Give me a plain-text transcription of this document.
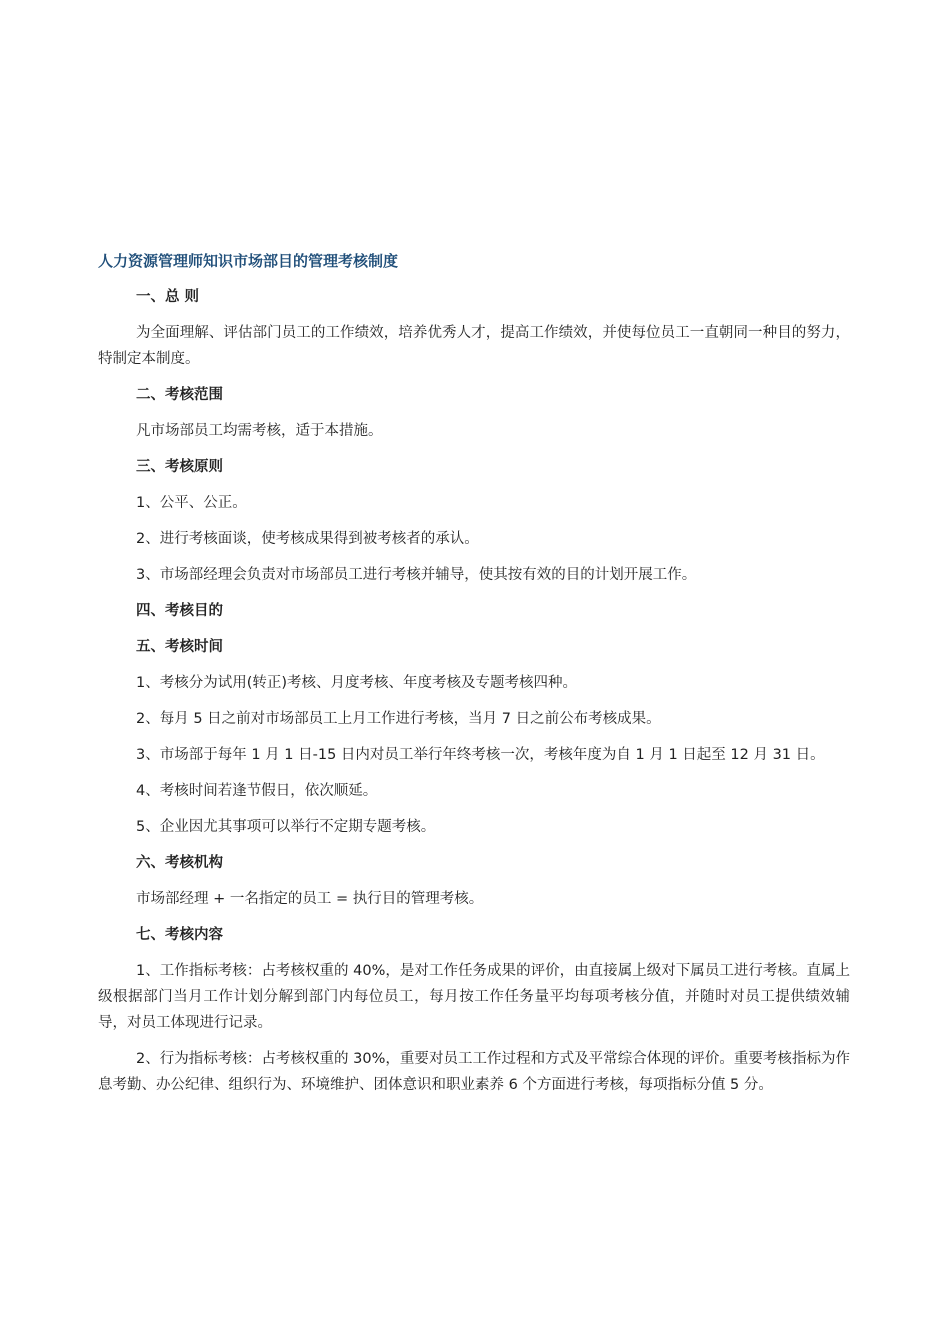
人力资源管理师知识市场部目的管理考核制度
一、总 则
为全面理解、评估部门员工的工作绩效，培养优秀人才，提高工作绩效，并使每位员工一直朝同一种目的努力，特制定本制度。
二、考核范围
凡市场部员工均需考核，适于本措施。
三、考核原则
1、公平、公正。
2、进行考核面谈，使考核成果得到被考核者的承认。
3、市场部经理会负责对市场部员工进行考核并辅导，使其按有效的目的计划开展工作。
四、考核目的
五、考核时间
1、考核分为试用(转正)考核、月度考核、年度考核及专题考核四种。
2、每月 5 日之前对市场部员工上月工作进行考核，当月 7 日之前公布考核成果。
3、市场部于每年 1 月 1 日-15 日内对员工举行年终考核一次，考核年度为自 1 月 1 日起至 12 月 31 日。
4、考核时间若逢节假日，依次顺延。
5、企业因尤其事项可以举行不定期专题考核。
六、考核机构
市场部经理 + 一名指定的员工 = 执行目的管理考核。
七、考核内容
1、工作指标考核：占考核权重的 40%，是对工作任务成果的评价，由直接属上级对下属员工进行考核。直属上级根据部门当月工作计划分解到部门内每位员工，每月按工作任务量平均每项考核分值，并随时对员工提供绩效辅导，对员工体现进行记录。
2、行为指标考核：占考核权重的 30%，重要对员工工作过程和方式及平常综合体现的评价。重要考核指标为作息考勤、办公纪律、组织行为、环境维护、团体意识和职业素养 6 个方面进行考核，每项指标分值 5 分。
